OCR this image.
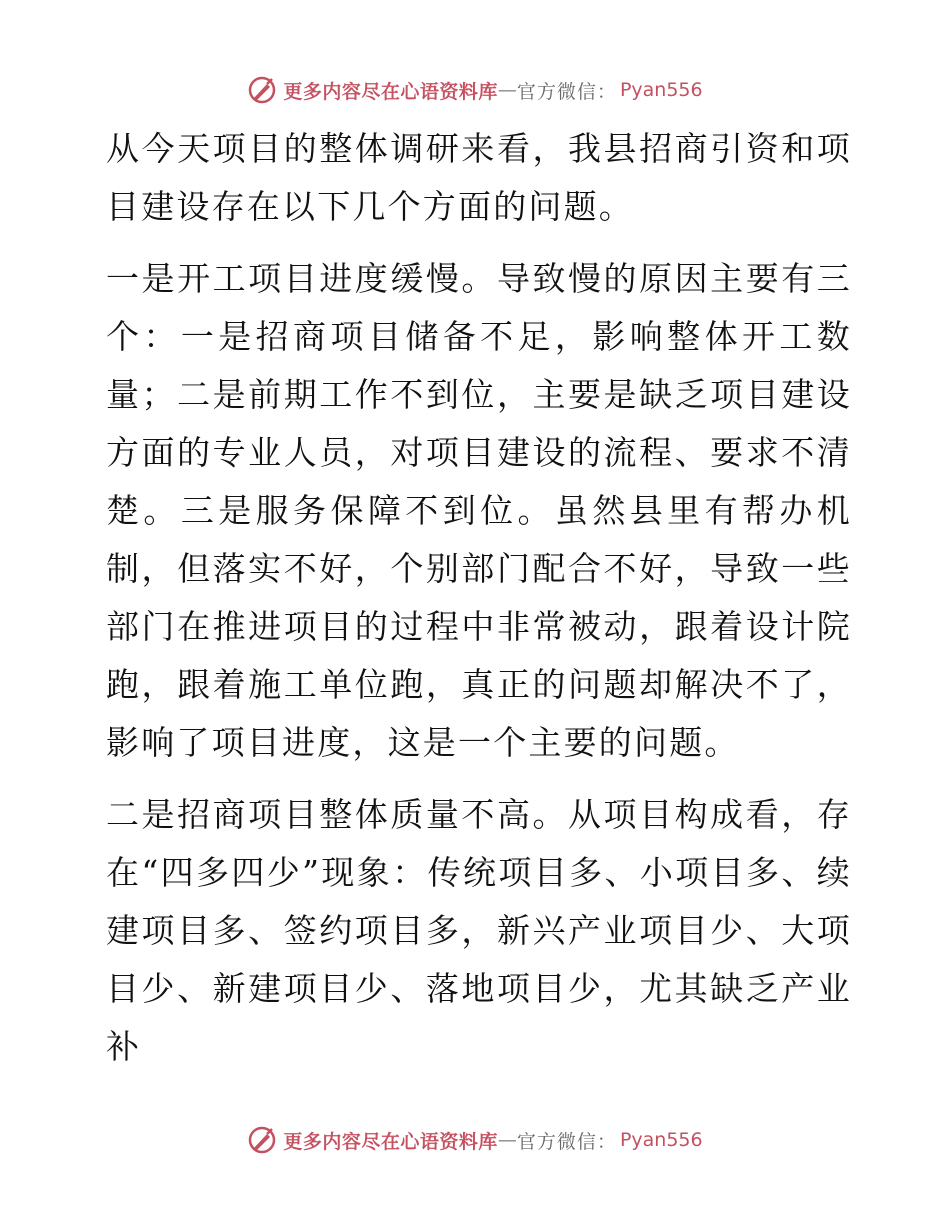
更多内容尽在心语资料库 — 官方微信 ： Pyan556

从今天项目的整体调研来看，我县招商引资和项目建设存在以下几个方面的问题。

一是开工项目进度缓慢。导致慢的原因主要有三个：一是招商项目储备不足，影响整体开工数量；二是前期工作不到位，主要是缺乏项目建设方面的专业人员，对项目建设的流程、要求不清楚。三是服务保障不到位。虽然县里有帮办机制，但落实不好，个别部门配合不好，导致一些部门在推进项目的过程中非常被动，跟着设计院跑，跟着施工单位跑，真正的问题却解决不了，影响了项目进度，这是一个主要的问题。

二是招商项目整体质量不高。从项目构成看，存在“四多四少”现象：传统项目多、小项目多、续建项目多、签约项目多，新兴产业项目少、大项目少、新建项目少、落地项目少，尤其缺乏产业补

更多内容尽在心语资料库 — 官方微信 ： Pyan556
